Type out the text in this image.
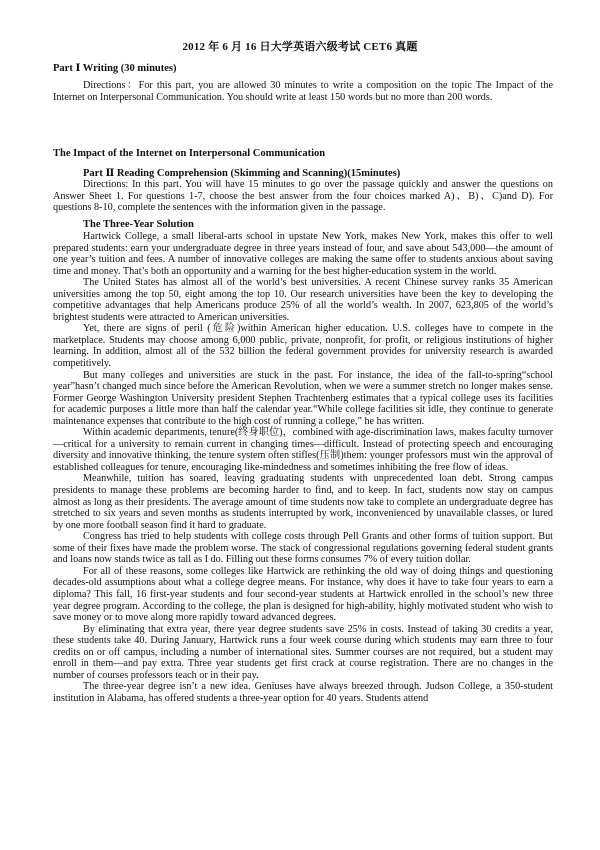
2012 年 6 月 16 日大学英语六级考试 CET6 真题
Part Ⅰ Writing (30 minutes)

Directions：For this part, you are allowed 30 minutes to write a composition on the topic The Impact of the Internet on Interpersonal Communication. You should write at least 150 words but no more than 200 words.

The Impact of the Internet on Interpersonal Communication
Part Ⅱ Reading Comprehension (Skimming and Scanning)(15minutes)

Directions: In this part. You will have 15 minutes to go over the passage quickly and answer the questions on Answer Sheet 1. For questions 1-7, choose the best answer from the four choices marked A)、B)、C)and D). For questions 8-10, complete the sentences with the information given in the passage.

The Three-Year Solution

Hartwick College, a small liberal-arts school in upstate New York, makes New York, makes this offer to well prepared students: earn your undergraduate degree in three years instead of four, and save about 543,000—the amount of one year’s tuition and fees. A number of innovative colleges are making the same offer to students anxious about saving time and money. That’s both an opportunity and a warning for the best higher-education system in the world.

The United States has almost all of the world’s best universities. A recent Chinese survey ranks 35 American universities among the top 50, eight among the top 10. Our research universities have been the key to developing the competitive advantages that help Americans produce 25% of all the world’s wealth. In 2007, 623,805 of the world’s brightest students were attracted to American universities.

Yet, there are signs of peril (危险)within American higher education. U.S. colleges have to compete in the marketplace. Students may choose among 6,000 public, private, nonprofit, for profit, or religious institutions of higher learning. In addition, almost all of the 532 billion the federal government provides for university research is awarded competitively.

But many colleges and universities are stuck in the past. For instance, the idea of the fall-to-spring“school year”hasn’t changed much since before the American Revolution, when we were a summer stretch no longer makes sense. Former George Washington University president Stephen Trachtenberg estimates that a typical college uses its facilities for academic purposes a little more than half the calendar year.“While college facilities sit idle, they continue to generate maintenance expenses that contribute to the high cost of running a college,” he has written.

Within academic departments, tenure(终身职位)，combined with age-discrimination laws, makes faculty turnover—critical for a university to remain current in changing times—difficult. Instead of protecting speech and encouraging diversity and innovative thinking, the tenure system often stifles(压制)them: younger professors must win the approval of established colleagues for tenure, encouraging like-mindedness and sometimes inhibiting the free flow of ideas.

Meanwhile, tuition has soared, leaving graduating students with unprecedented loan debt. Strong campus presidents to manage these problems are becoming harder to find, and to keep. In fact, students now stay on campus almost as long as their presidents. The average amount of time students now take to complete an undergraduate degree has stretched to six years and seven months as students interrupted by work, inconvenienced by unavailable classes, or lured by one more football season find it hard to graduate.

Congress has tried to help students with college costs through Pell Grants and other forms of tuition support. But some of their fixes have made the problem worse. The stack of congressional regulations governing federal student grants and loans now stands twice as tall as I do. Filling out these forms consumes 7% of every tuition dollar.

For all of these reasons, some colleges like Hartwick are rethinking the old way of doing things and questioning decades-old assumptions about what a college degree means. For instance, why does it have to take four years to earn a diploma? This fall, 16 first-year students and four second-year students at Hartwick enrolled in the school’s new three year degree program. According to the college, the plan is designed for high-ability, highly motivated student who wish to save money or to move along more rapidly toward advanced degrees.

By eliminating that extra year, there year degree students save 25% in costs. Instead of taking 30 credits a year, these students take 40. During January, Hartwick runs a four week course during which students may earn three to four credits on or off campus, including a number of international sites. Summer courses are not required, but a student may enroll in them—and pay extra. Three year students get first crack at course registration. There are no changes in the number of courses professors teach or in their pay.

The three-year degree isn’t a new idea. Geniuses have always breezed through. Judson College, a 350-student institution in Alabama, has offered students a three-year option for 40 years. Students attend
